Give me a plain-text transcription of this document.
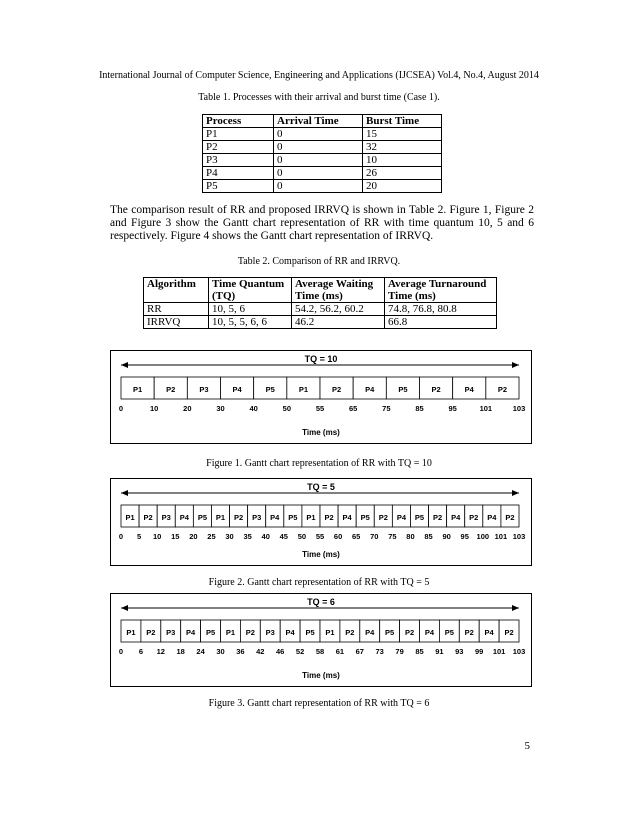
International Journal of Computer Science, Engineering and Applications (IJCSEA) Vol.4, No.4, August 2014
Table 1. Processes with their arrival and burst time (Case 1).
Process	Arrival Time	Burst Time
P1	0	15
P2	0	32
P3	0	10
P4	0	26
P5	0	20
The comparison result of RR and proposed IRRVQ is shown in Table 2. Figure 1, Figure 2 and Figure 3 show the Gantt chart representation of RR with time quantum 10, 5 and 6 respectively. Figure 4 shows the Gantt chart representation of IRRVQ.
Table 2. Comparison of RR and IRRVQ.
Algorithm	Time Quantum (TQ)	Average Waiting Time (ms)	Average Turnaround Time (ms)
RR	10, 5, 6	54.2, 56.2, 60.2	74.8, 76.8, 80.8
IRRVQ	10, 5, 5, 6, 6	46.2	66.8
TQ = 10
P1	P2	P3	P4	P5	P1	P2	P4	P5	P2	P4	P2
0	10	20	30	40	50	55	65	75	85	95	101	103
Time (ms)
Figure 1. Gantt chart representation of RR with TQ = 10
TQ = 5
P1 P2 P3 P4 P5 P1 P2 P3 P4 P5 P1 P2 P4 P5 P2 P4 P5 P2 P4 P2 P4 P2
0 5 10 15 20 25 30 35 40 45 50 55 60 65 70 75 80 85 90 95 100 101 103
Time (ms)
Figure 2. Gantt chart representation of RR with TQ = 5
TQ = 6
P1 P2 P3 P4 P5 P1 P2 P3 P4 P5 P1 P2 P4 P5 P2 P4 P5 P2 P4 P2
0 6 12 18 24 30 36 42 46 52 58 61 67 73 79 85 91 93 99 101 103
Time (ms)
Figure 3. Gantt chart representation of RR with TQ = 6
5
